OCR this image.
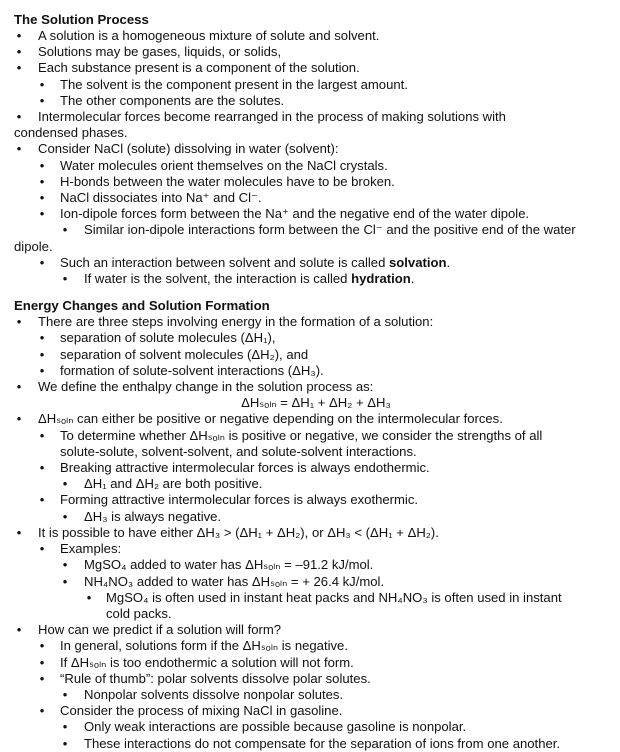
The Solution Process
• A solution is a homogeneous mixture of solute and solvent.
• Solutions may be gases, liquids, or solids,
• Each substance present is a component of the solution.
• The solvent is the component present in the largest amount.
• The other components are the solutes.
• Intermolecular forces become rearranged in the process of making solutions with
condensed phases.
• Consider NaCl (solute) dissolving in water (solvent):
• Water molecules orient themselves on the NaCl crystals.
• H-bonds between the water molecules have to be broken.
• NaCl dissociates into Na⁺ and Cl⁻.
• Ion-dipole forces form between the Na⁺ and the negative end of the water dipole.
• Similar ion-dipole interactions form between the Cl⁻ and the positive end of the water
dipole.
• Such an interaction between solvent and solute is called solvation.
• If water is the solvent, the interaction is called hydration.
Energy Changes and Solution Formation
• There are three steps involving energy in the formation of a solution:
• separation of solute molecules (ΔH₁),
• separation of solvent molecules (ΔH₂), and
• formation of solute-solvent interactions (ΔH₃).
• We define the enthalpy change in the solution process as:
ΔHₛₒₗₙ = ΔH₁ + ΔH₂ + ΔH₃
• ΔHₛₒₗₙ can either be positive or negative depending on the intermolecular forces.
• To determine whether ΔHₛₒₗₙ is positive or negative, we consider the strengths of all
solute-solute, solvent-solvent, and solute-solvent interactions.
• Breaking attractive intermolecular forces is always endothermic.
• ΔH₁ and ΔH₂ are both positive.
• Forming attractive intermolecular forces is always exothermic.
• ΔH₃ is always negative.
• It is possible to have either ΔH₃ > (ΔH₁ + ΔH₂), or ΔH₃ < (ΔH₁ + ΔH₂).
• Examples:
• MgSO₄ added to water has ΔHₛₒₗₙ = –91.2 kJ/mol.
• NH₄NO₃ added to water has ΔHₛₒₗₙ = + 26.4 kJ/mol.
• MgSO₄ is often used in instant heat packs and NH₄NO₃ is often used in instant
cold packs.
• How can we predict if a solution will form?
• In general, solutions form if the ΔHₛₒₗₙ is negative.
• If ΔHₛₒₗₙ is too endothermic a solution will not form.
• “Rule of thumb”: polar solvents dissolve polar solutes.
• Nonpolar solvents dissolve nonpolar solutes.
• Consider the process of mixing NaCl in gasoline.
• Only weak interactions are possible because gasoline is nonpolar.
• These interactions do not compensate for the separation of ions from one another.
